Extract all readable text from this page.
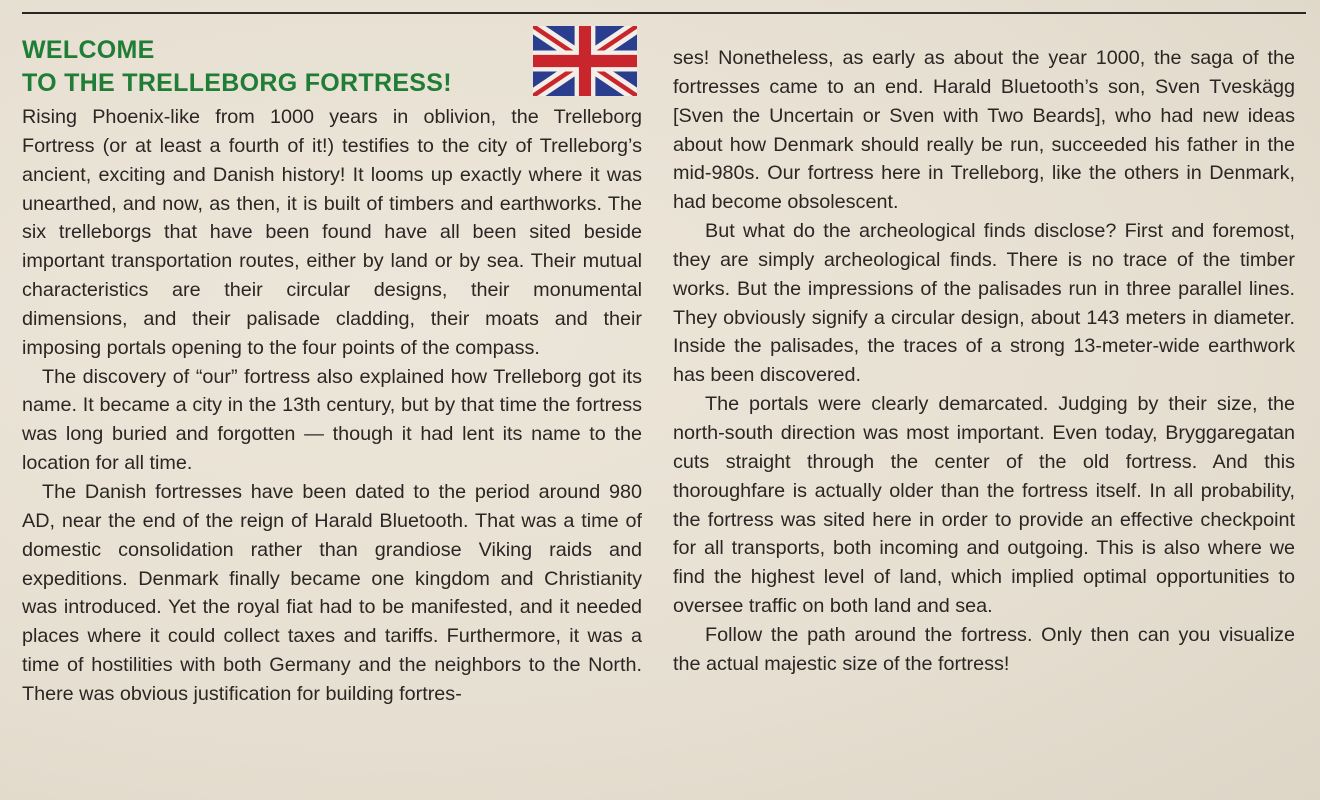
WELCOME
TO THE TRELLEBORG FORTRESS!

Rising Phoenix-like from 1000 years in oblivion, the Trelleborg Fortress (or at least a fourth of it!) testifies to the city of Trelleborg’s ancient, exciting and Danish history! It looms up exactly where it was unearthed, and now, as then, it is built of timbers and earthworks. The six trelleborgs that have been found have all been sited beside important transportation routes, either by land or by sea. Their mutual characteristics are their circular designs, their monumental dimensions, and their palisade cladding, their moats and their imposing portals opening to the four points of the compass.

The discovery of “our” fortress also explained how Trelleborg got its name. It became a city in the 13th century, but by that time the fortress was long buried and forgotten — though it had lent its name to the location for all time.

The Danish fortresses have been dated to the period around 980 AD, near the end of the reign of Harald Bluetooth. That was a time of domestic consolidation rather than grandiose Viking raids and expeditions. Denmark finally became one kingdom and Christianity was introduced. Yet the royal fiat had to be manifested, and it needed places where it could collect taxes and tariffs. Furthermore, it was a time of hostilities with both Germany and the neighbors to the North. There was obvious justification for building fortres-

ses! Nonetheless, as early as about the year 1000, the saga of the fortresses came to an end. Harald Bluetooth’s son, Sven Tveskägg [Sven the Uncertain or Sven with Two Beards], who had new ideas about how Denmark should really be run, succeeded his father in the mid-980s. Our fortress here in Trelleborg, like the others in Denmark, had become obsolescent.

But what do the archeological finds disclose? First and foremost, they are simply archeological finds. There is no trace of the timber works. But the impressions of the palisades run in three parallel lines. They obviously signify a circular design, about 143 meters in diameter. Inside the palisades, the traces of a strong 13-meter-wide earthwork has been discovered.

The portals were clearly demarcated. Judging by their size, the north-south direction was most important. Even today, Bryggaregatan cuts straight through the center of the old fortress. And this thoroughfare is actually older than the fortress itself. In all probability, the fortress was sited here in order to provide an effective checkpoint for all transports, both incoming and outgoing. This is also where we find the highest level of land, which implied optimal opportunities to oversee traffic on both land and sea.

Follow the path around the fortress. Only then can you visualize the actual majestic size of the fortress!
